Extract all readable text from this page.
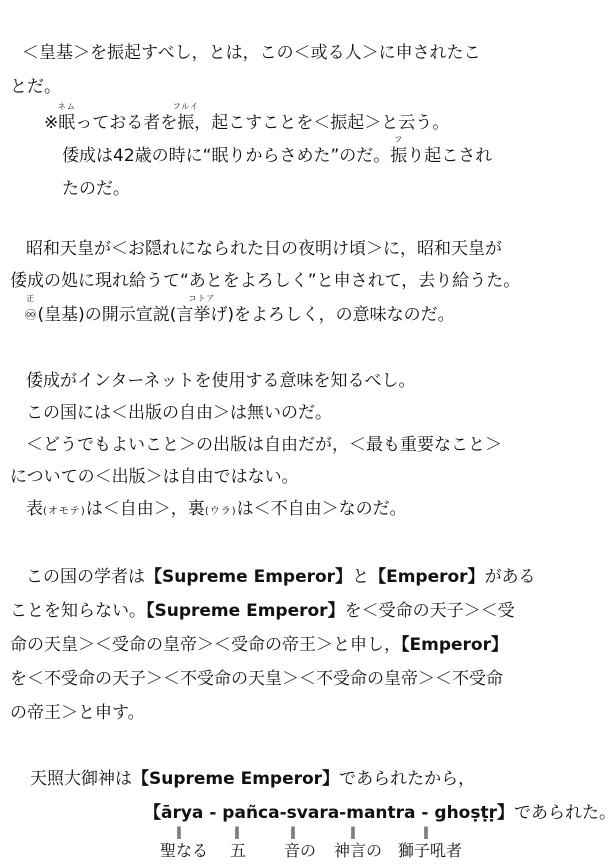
＜皇基＞を振起すべし，とは，この＜或る人＞に申されたこ
とだ。
※眠
ネム
っておる者を振
フルイ
，起こすことを＜振起＞と云う。
倭成は42歳の時に“眠りからさめた”のだ。振
フ
り起こされ
たのだ。
昭和天皇が＜お隠れになられた日の夜明け頃＞に，昭和天皇が
倭成の処に現れ給うて“あとをよろしく”と申されて，去り給うた。
♾
正
(皇基)の開示宣説(言挙げ
コトア
)をよろしく，の意味なのだ。
倭成がインターネットを使用する意味を知るべし。
この国には＜出版の自由＞は無いのだ。
＜どうでもよいこと＞の出版は自由だが，＜最も重要なこと＞
についての＜出版＞は自由ではない。
表(オモテ)は＜自由＞，裏(ウラ)は＜不自由＞なのだ。
この国の学者は【Supreme Emperor】と【Emperor】がある
ことを知らない。【Supreme Emperor】を＜受命の天子＞＜受
命の天皇＞＜受命の皇帝＞＜受命の帝王＞と申し，【Emperor】
を＜不受命の天子＞＜不受命の天皇＞＜不受命の皇帝＞＜不受命
の帝王＞と申す。
天照大御神は【Supreme Emperor】であられたから，
【ārya - pañca-svara-mantra - ghoṣṭṛ】であられた。
‖	‖	‖	‖	‖
聖なる 五 音の 神言の 獅子吼者
